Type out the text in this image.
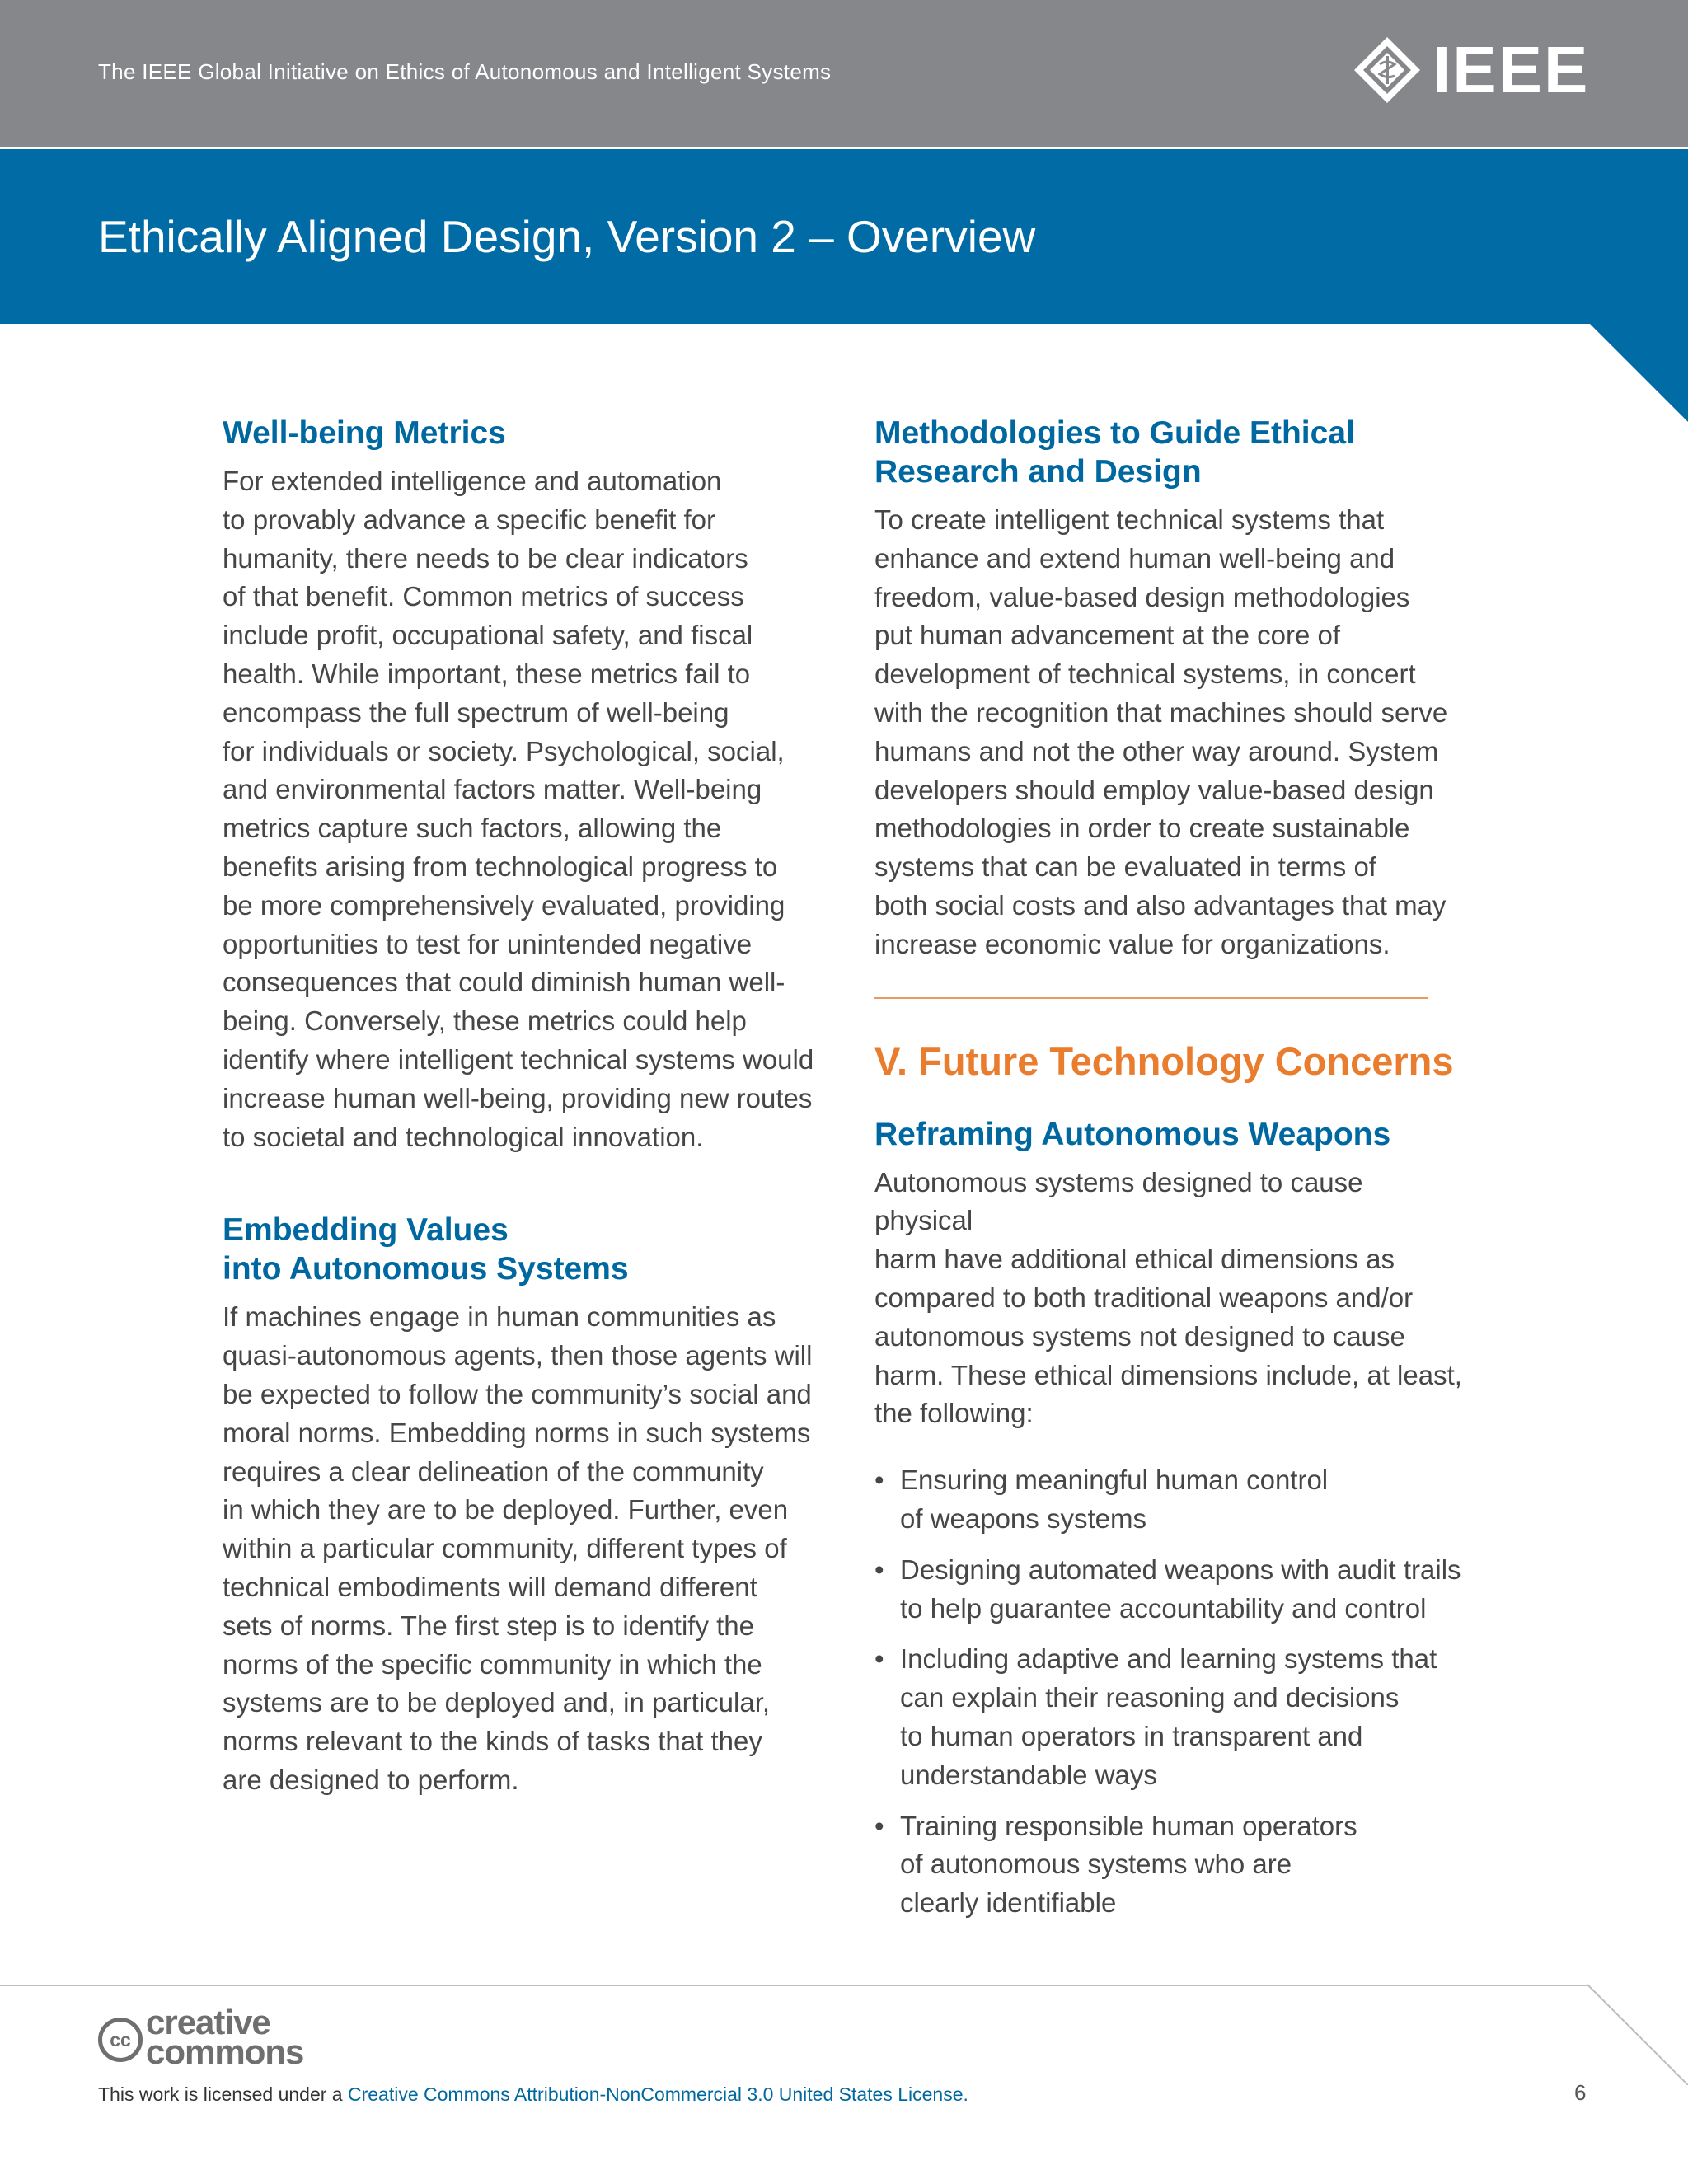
The IEEE Global Initiative on Ethics of Autonomous and Intelligent Systems	IEEE
Ethically Aligned Design, Version 2 – Overview
Well-being Metrics

For extended intelligence and automation
to provably advance a specific benefit for
humanity, there needs to be clear indicators
of that benefit. Common metrics of success
include profit, occupational safety, and fiscal
health. While important, these metrics fail to
encompass the full spectrum of well-being
for individuals or society. Psychological, social,
and environmental factors matter. Well-being
metrics capture such factors, allowing the
benefits arising from technological progress to
be more comprehensively evaluated, providing
opportunities to test for unintended negative
consequences that could diminish human well-
being. Conversely, these metrics could help
identify where intelligent technical systems would
increase human well-being, providing new routes
to societal and technological innovation.

Embedding Values
into Autonomous Systems

If machines engage in human communities as
quasi-autonomous agents, then those agents will
be expected to follow the community’s social and
moral norms. Embedding norms in such systems
requires a clear delineation of the community
in which they are to be deployed. Further, even
within a particular community, different types of
technical embodiments will demand different
sets of norms. The first step is to identify the
norms of the specific community in which the
systems are to be deployed and, in particular,
norms relevant to the kinds of tasks that they
are designed to perform.

Methodologies to Guide Ethical
Research and Design

To create intelligent technical systems that
enhance and extend human well-being and
freedom, value-based design methodologies
put human advancement at the core of
development of technical systems, in concert
with the recognition that machines should serve
humans and not the other way around. System
developers should employ value-based design
methodologies in order to create sustainable
systems that can be evaluated in terms of
both social costs and also advantages that may
increase economic value for organizations.

V. Future Technology Concerns
Reframing Autonomous Weapons

Autonomous systems designed to cause physical
harm have additional ethical dimensions as
compared to both traditional weapons and/or
autonomous systems not designed to cause
harm. These ethical dimensions include, at least,
the following:

• Ensuring meaningful human control
of weapons systems
• Designing automated weapons with audit trails
to help guarantee accountability and control
• Including adaptive and learning systems that
can explain their reasoning and decisions
to human operators in transparent and
understandable ways
• Training responsible human operators
of autonomous systems who are
clearly identifiable
cc creative
commons
This work is licensed under a Creative Commons Attribution-NonCommercial 3.0 United States License.	6
